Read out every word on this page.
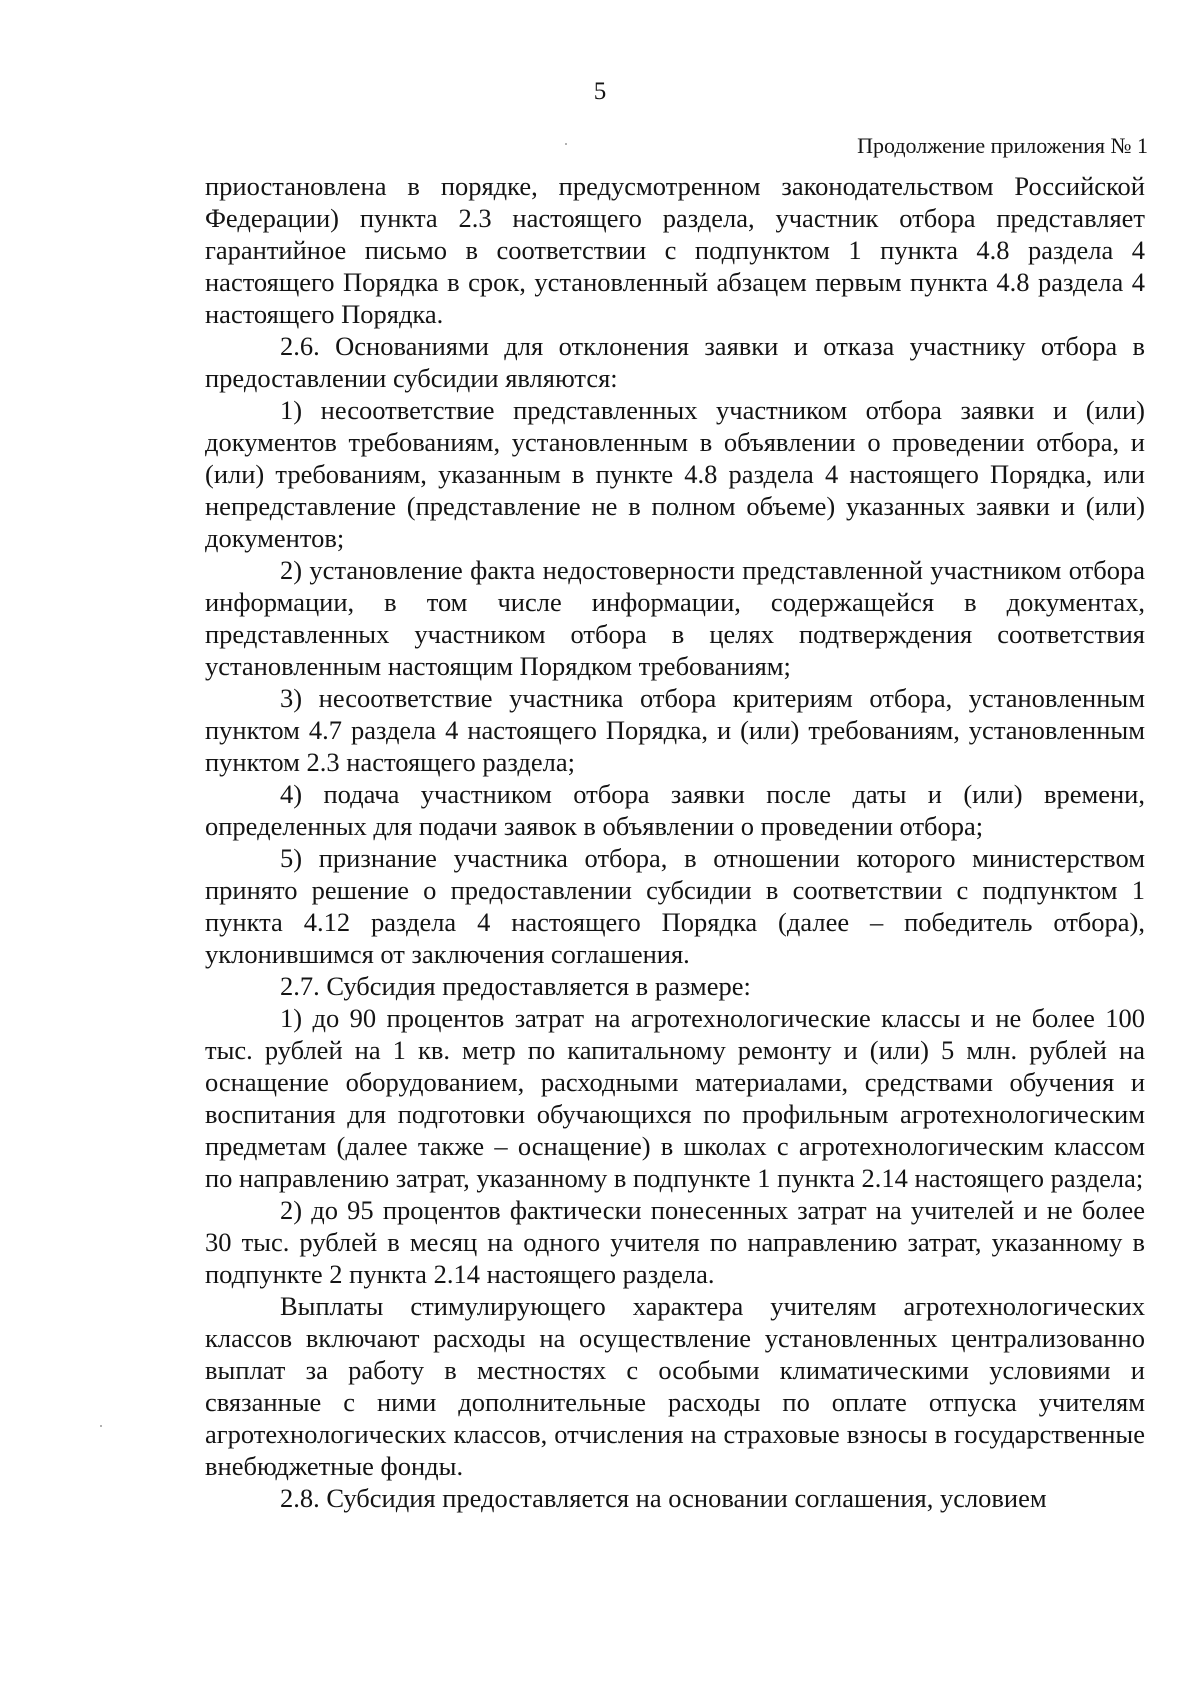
5

Продолжение приложения № 1

приостановлена в порядке, предусмотренном законодательством Российской Федерации) пункта 2.3 настоящего раздела, участник отбора представляет гарантийное письмо в соответствии с подпунктом 1 пункта 4.8 раздела 4 настоящего Порядка в срок, установленный абзацем первым пункта 4.8 раздела 4 настоящего Порядка.

2.6. Основаниями для отклонения заявки и отказа участнику отбора в предоставлении субсидии являются:

1) несоответствие представленных участником отбора заявки и (или) документов требованиям, установленным в объявлении о проведении отбора, и (или) требованиям, указанным в пункте 4.8 раздела 4 настоящего Порядка, или непредставление (представление не в полном объеме) указанных заявки и (или) документов;

2) установление факта недостоверности представленной участником отбора информации, в том числе информации, содержащейся в документах, представленных участником отбора в целях подтверждения соответствия установленным настоящим Порядком требованиям;

3) несоответствие участника отбора критериям отбора, установленным пунктом 4.7 раздела 4 настоящего Порядка, и (или) требованиям, установленным пунктом 2.3 настоящего раздела;

4) подача участником отбора заявки после даты и (или) времени, определенных для подачи заявок в объявлении о проведении отбора;

5) признание участника отбора, в отношении которого министерством принято решение о предоставлении субсидии в соответствии с подпунктом 1 пункта 4.12 раздела 4 настоящего Порядка (далее – победитель отбора), уклонившимся от заключения соглашения.

2.7. Субсидия предоставляется в размере:

1) до 90 процентов затрат на агротехнологические классы и не более 100 тыс. рублей на 1 кв. метр по капитальному ремонту и (или) 5 млн. рублей на оснащение оборудованием, расходными материалами, средствами обучения и воспитания для подготовки обучающихся по профильным агротехнологическим предметам (далее также – оснащение) в школах с агротехнологическим классом по направлению затрат, указанному в подпункте 1 пункта 2.14 настоящего раздела;

2) до 95 процентов фактически понесенных затрат на учителей и не более 30 тыс. рублей в месяц на одного учителя по направлению затрат, указанному в подпункте 2 пункта 2.14 настоящего раздела.

Выплаты стимулирующего характера учителям агротехнологических классов включают расходы на осуществление установленных централизованно выплат за работу в местностях с особыми климатическими условиями и связанные с ними дополнительные расходы по оплате отпуска учителям агротехнологических классов, отчисления на страховые взносы в государственные внебюджетные фонды.

2.8. Субсидия предоставляется на основании соглашения, условием
